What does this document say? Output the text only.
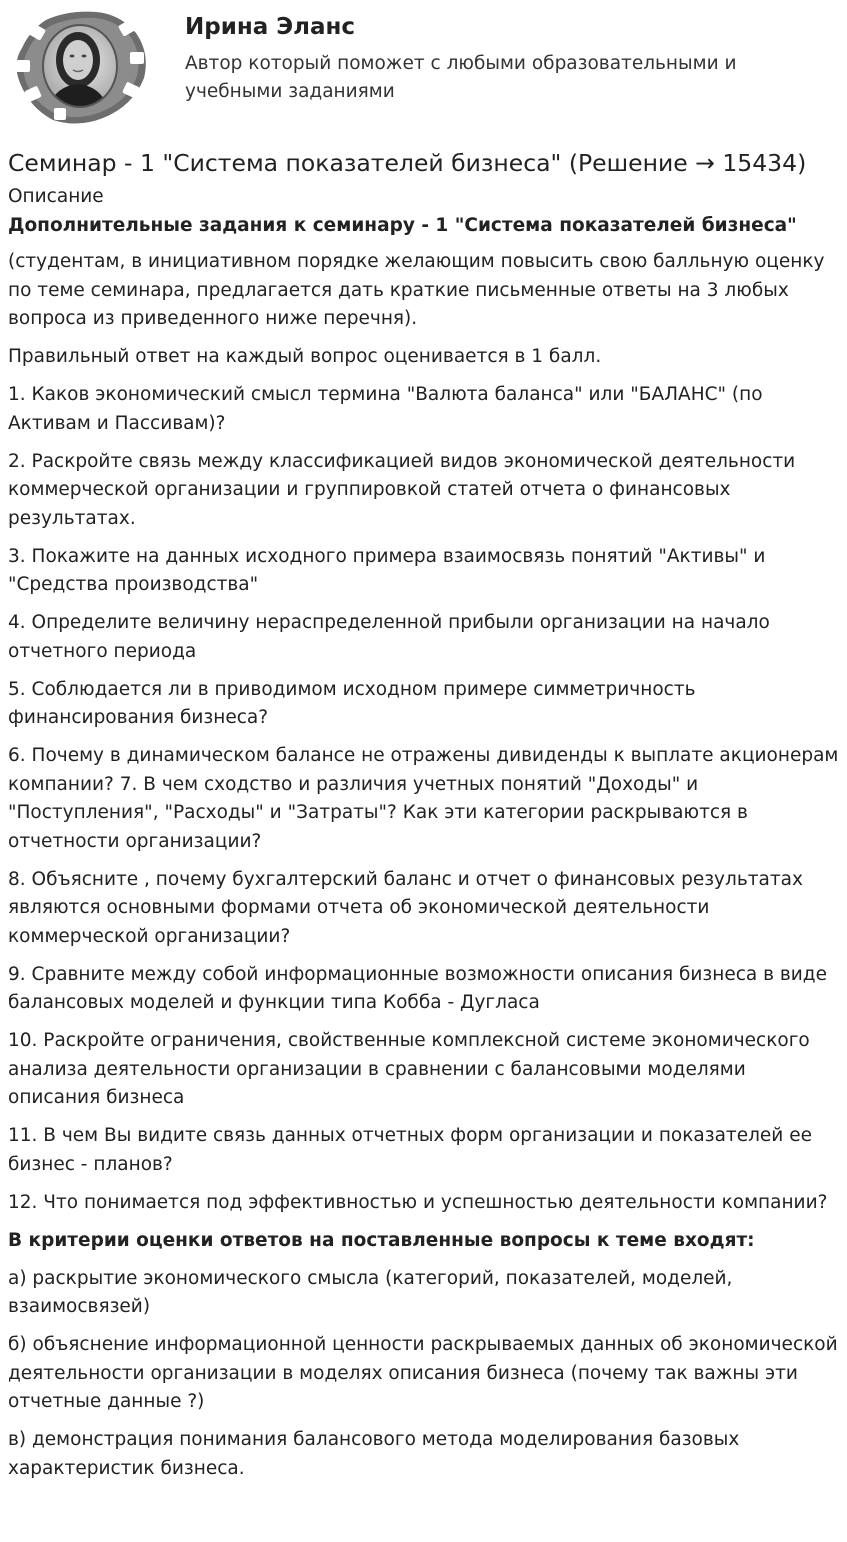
Ирина Эланс

Автор который поможет с любыми образовательными и учебными заданиями

Семинар - 1 "Система показателей бизнеса" (Решение → 15434)
Описание
Дополнительные задания к семинару - 1 "Система показателей бизнеса"

(студентам, в инициативном порядке желающим повысить свою балльную оценку по теме семинара, предлагается дать краткие письменные ответы на 3 любых вопроса из приведенного ниже перечня).

Правильный ответ на каждый вопрос оценивается в 1 балл.

1. Каков экономический смысл термина "Валюта баланса" или "БАЛАНС" (по Активам и Пассивам)?

2. Раскройте связь между классификацией видов экономической деятельности коммерческой организации и группировкой статей отчета о финансовых результатах.

3. Покажите на данных исходного примера взаимосвязь понятий "Активы" и "Средства производства"

4. Определите величину нераспределенной прибыли организации на начало отчетного периода

5. Соблюдается ли в приводимом исходном примере симметричность финансирования бизнеса?

6. Почему в динамическом балансе не отражены дивиденды к выплате акционерам компании? 7. В чем сходство и различия учетных понятий "Доходы" и "Поступления", "Расходы" и "Затраты"? Как эти категории раскрываются в отчетности организации?

8. Объясните , почему бухгалтерский баланс и отчет о финансовых результатах являются основными формами отчета об экономической деятельности коммерческой организации?

9. Сравните между собой информационные возможности описания бизнеса в виде балансовых моделей и функции типа Кобба - Дугласа

10. Раскройте ограничения, свойственные комплексной системе экономического анализа деятельности организации в сравнении с балансовыми моделями описания бизнеса

11. В чем Вы видите связь данных отчетных форм организации и показателей ее бизнес - планов?

12. Что понимается под эффективностью и успешностью деятельности компании?

В критерии оценки ответов на поставленные вопросы к теме входят:

а) раскрытие экономического смысла (категорий, показателей, моделей, взаимосвязей)

б) объяснение информационной ценности раскрываемых данных об экономической деятельности организации в моделях описания бизнеса (почему так важны эти отчетные данные ?)

в) демонстрация понимания балансового метода моделирования базовых характеристик бизнеса.
